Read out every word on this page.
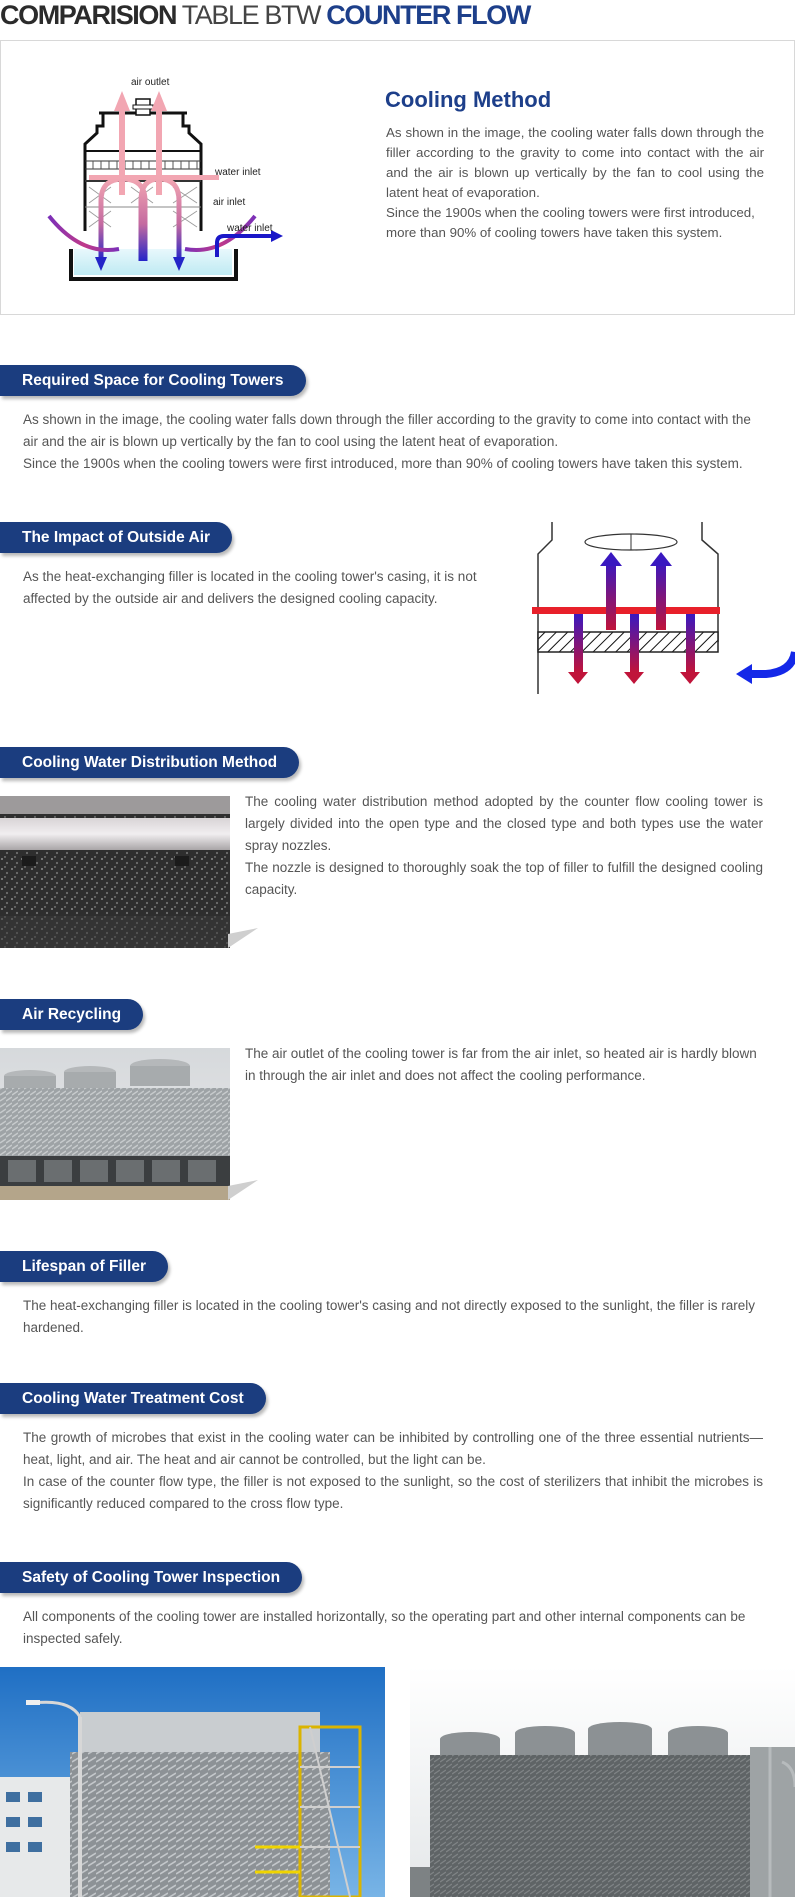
COMPARISION TABLE BTW COUNTER FLOW
air outlet
water inlet
air inlet
water inlet
Cooling Method

As shown in the image, the cooling water falls down through the filler according to the gravity to come into contact with the air and the air is blown up vertically by the fan to cool using the latent heat of evaporation.

Since the 1900s when the cooling towers were first introduced, more than 90% of cooling towers have taken this system.

Required Space for Cooling Towers

As shown in the image, the cooling water falls down through the filler according to the gravity to come into contact with the air and the air is blown up vertically by the fan to cool using the latent heat of evaporation.

Since the 1900s when the cooling towers were first introduced, more than 90% of cooling towers have taken this system.

The Impact of Outside Air

As the heat-exchanging filler is located in the cooling tower's casing, it is not affected by the outside air and delivers the designed cooling capacity.

Cooling Water Distribution Method

The cooling water distribution method adopted by the counter flow cooling tower is largely divided into the open type and the closed type and both types use the water spray nozzles.

The nozzle is designed to thoroughly soak the top of filler to fulfill the designed cooling capacity.

Air Recycling

The air outlet of the cooling tower is far from the air inlet, so heated air is hardly blown in through the air inlet and does not affect the cooling performance.

Lifespan of Filler

The heat-exchanging filler is located in the cooling tower's casing and not directly exposed to the sunlight, the filler is rarely hardened.

Cooling Water Treatment Cost

The growth of microbes that exist in the cooling water can be inhibited by controlling one of the three essential nutrients—heat, light, and air. The heat and air cannot be controlled, but the light can be.

In case of the counter flow type, the filler is not exposed to the sunlight, so the cost of sterilizers that inhibit the microbes is significantly reduced compared to the cross flow type.

Safety of Cooling Tower Inspection

All components of the cooling tower are installed horizontally, so the operating part and other internal components can be inspected safely.
